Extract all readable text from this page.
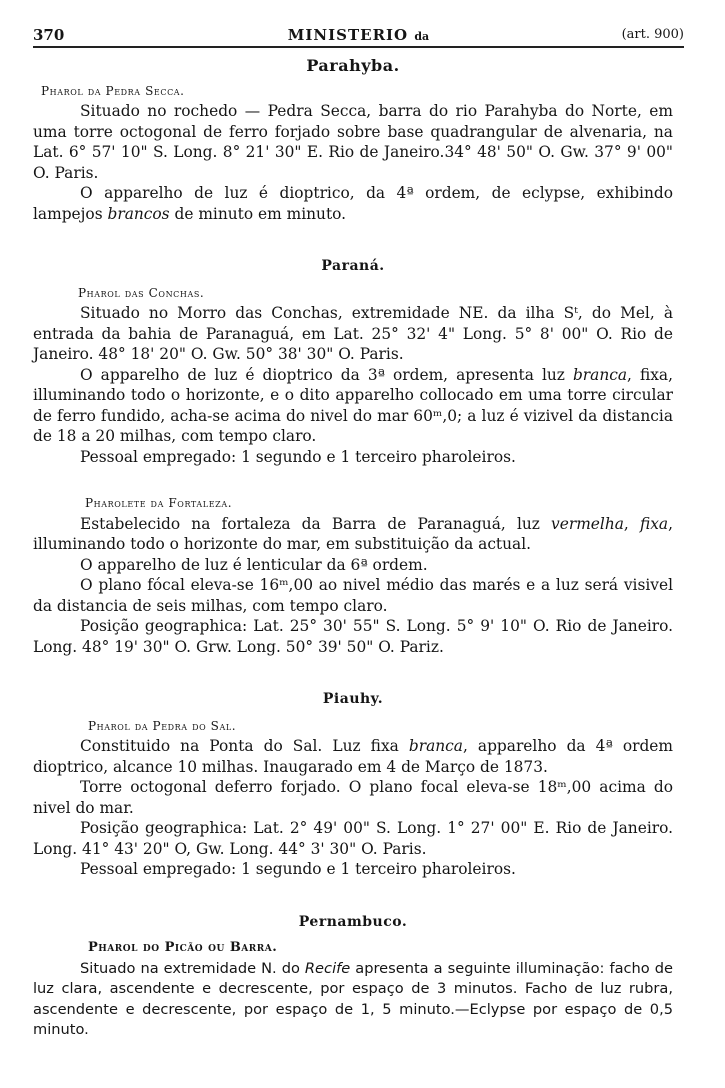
370	MINISTERIO da	(art. 900)
Parahyba.

Pharol da Pedra Secca.

Situado no rochedo — Pedra Secca, barra do rio Parahyba do Norte, em uma torre octogonal de ferro forjado sobre base quadrangular de alvenaria, na Lat. 6° 57' 10" S. Long. 8° 21' 30" E. Rio de Janeiro.34° 48' 50" O. Gw. 37° 9' 00" O. Paris.

O apparelho de luz é dioptrico, da 4ª ordem, de eclypse, exhibindo lampejos brancos de minuto em minuto.

Paraná.

Pharol das Conchas.

Situado no Morro das Conchas, extremidade NE. da ilha Sᵗ, do Mel, à entrada da bahia de Paranaguá, em Lat. 25° 32' 4" Long. 5° 8' 00" O. Rio de Janeiro. 48° 18' 20" O. Gw. 50° 38' 30" O. Paris.

O apparelho de luz é dioptrico da 3ª ordem, apresenta luz branca, fixa, illuminando todo o horizonte, e o dito apparelho collocado em uma torre circular de ferro fundido, acha-se acima do nivel do mar 60ᵐ,0; a luz é vizivel da distancia de 18 a 20 milhas, com tempo claro.

Pessoal empregado: 1 segundo e 1 terceiro pharoleiros.

Pharolete da Fortaleza.

Estabelecido na fortaleza da Barra de Paranaguá, luz vermelha, fixa, illuminando todo o horizonte do mar, em substituição da actual.

O apparelho de luz é lenticular da 6ª ordem.

O plano fócal eleva-se 16ᵐ,00 ao nivel médio das marés e a luz será visivel da distancia de seis milhas, com tempo claro.

Posição geographica: Lat. 25° 30' 55" S. Long. 5° 9' 10" O. Rio de Janeiro. Long. 48° 19' 30" O. Grw. Long. 50° 39' 50" O. Pariz.

Piauhy.

Pharol da Pedra do Sal.

Constituido na Ponta do Sal. Luz fixa branca, apparelho da 4ª ordem dioptrico, alcance 10 milhas. Inaugarado em 4 de Março de 1873.

Torre octogonal deferro forjado. O plano focal eleva-se 18ᵐ,00 acima do nivel do mar.

Posição geographica: Lat. 2° 49' 00" S. Long. 1° 27' 00" E. Rio de Janeiro. Long. 41° 43' 20" O, Gw. Long. 44° 3' 30" O. Paris.

Pessoal empregado: 1 segundo e 1 terceiro pharoleiros.

Pernambuco.

Pharol do Picão ou Barra.

Situado na extremidade N. do Recife apresenta a seguinte illuminação: facho de luz clara, ascendente e decrescente, por espaço de 3 minutos. Facho de luz rubra, ascendente e decrescente, por espaço de 1, 5 minuto.—Eclypse por espaço de 0,5 minuto.
